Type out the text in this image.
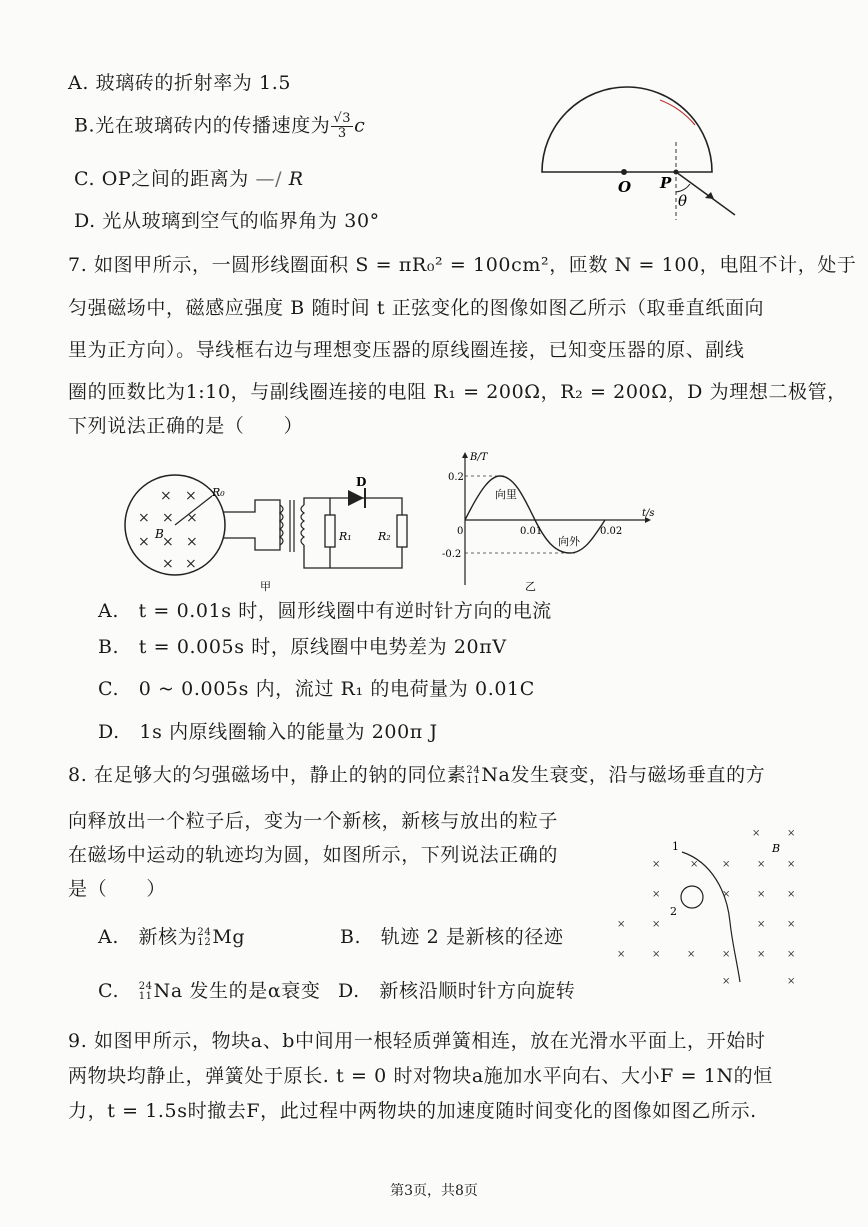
A. 玻璃砖的折射率为 1.5
B.光在玻璃砖内的传播速度为 $\frac{√3}{3}$ c
C. OP之间的距离为 —/ R
D. 光从玻璃到空气的临界角为 30°
O P
θ
7. 如图甲所示，一圆形线圈面积 S = πR₀² = 100cm²，匝数 N = 100，电阻不计，处于
匀强磁场中，磁感应强度 B 随时间 t 正弦变化的图像如图乙所示（取垂直纸面向
里为正方向）。导线框右边与理想变压器的原线圈连接，已知变压器的原、副线
圈的匝数比为1:10，与副线圈连接的电阻 R₁ = 200Ω，R₂ = 200Ω，D 为理想二极管，
下列说法正确的是（　　）
× ×
× × ×
× × ×
× ×
R₀
B	R₁ R₂
D
甲
B/T
t/s
0.2
-0.2
0	0.01	0.02
向里
向外
乙
A.　t = 0.01s 时，圆形线圈中有逆时针方向的电流
B.　t = 0.005s 时，原线圈中电势差为 20πV
C.　0 ~ 0.005s 内，流过 R₁ 的电荷量为 0.01C
D.　1s 内原线圈输入的能量为 200π J
8. 在足够大的匀强磁场中，静止的钠的同位素 24
11 Na发生衰变，沿与磁场垂直的方
向释放出一个粒子后，变为一个新核，新核与放出的粒子
在磁场中运动的轨迹均为圆，如图所示，下列说法正确的
是（　　）
A.　新核为 24
12 Mg	B.　轨迹 2 是新核的径迹
C.　 24
11 Na 发生的是α衰变 D.　新核沿顺时针方向旋转
×	×
×	× ×	× ×
×	×	× ×
×	×	× ×
×	×	×	×	× ×
×	×
1
2
B
9. 如图甲所示，物块a、b中间用一根轻质弹簧相连，放在光滑水平面上，开始时
两物块均静止，弹簧处于原长. t = 0 时对物块a施加水平向右、大小F = 1N的恒
力，t = 1.5s时撤去F，此过程中两物块的加速度随时间变化的图像如图乙所示.
第3页，共8页
